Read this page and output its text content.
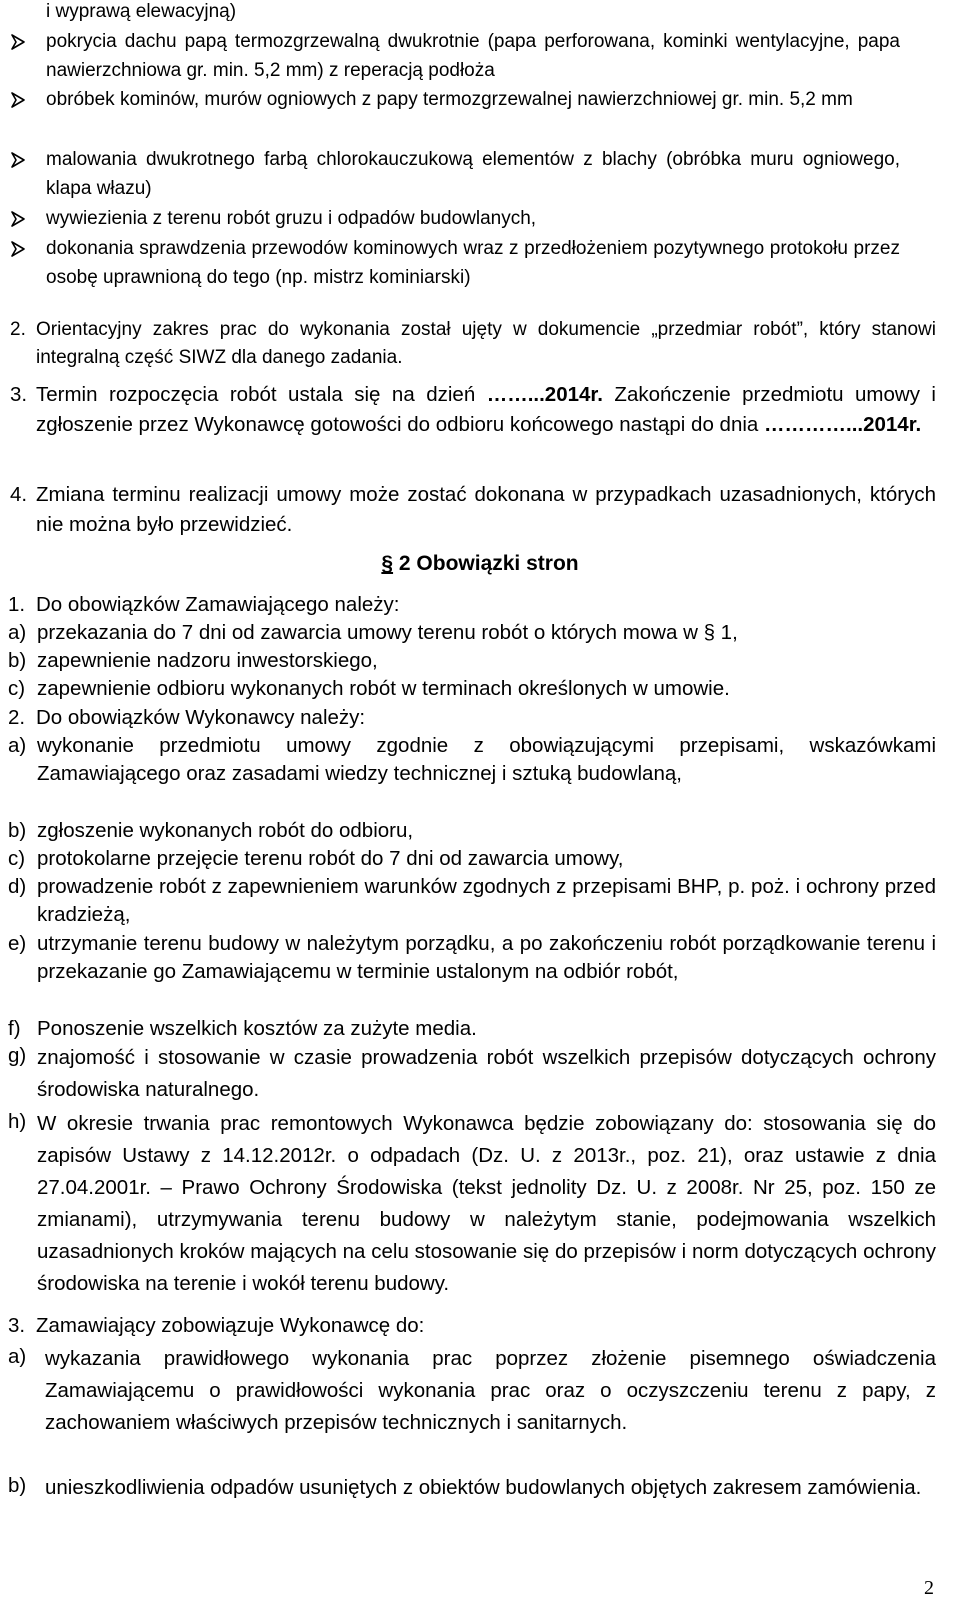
i wyprawą elewacyjną)
pokrycia dachu papą termozgrzewalną dwukrotnie (papa perforowana, kominki wentylacyjne, papa nawierzchniowa gr. min. 5,2 mm) z reperacją podłoża
obróbek kominów, murów ogniowych z papy termozgrzewalnej nawierzchniowej gr. min. 5,2 mm
malowania dwukrotnego farbą chlorokauczukową elementów z blachy (obróbka muru ogniowego, klapa włazu)
wywiezienia z terenu robót gruzu i odpadów budowlanych,
dokonania sprawdzenia przewodów kominowych wraz z przedłożeniem pozytywnego protokołu przez osobę uprawnioną do tego (np. mistrz kominiarski)
2. Orientacyjny zakres prac do wykonania został ujęty w dokumencie „przedmiar robót”, który stanowi integralną część SIWZ dla danego zadania.
3. Termin rozpoczęcia robót ustala się na dzień ……...2014r. Zakończenie przedmiotu umowy i zgłoszenie przez Wykonawcę gotowości do odbioru końcowego nastąpi do dnia …………...2014r.
4. Zmiana terminu realizacji umowy może zostać dokonana w przypadkach uzasadnionych, których nie można było przewidzieć.
§ 2 Obowiązki stron
1. Do obowiązków Zamawiającego należy:
a) przekazania do 7 dni od zawarcia umowy terenu robót o których mowa w § 1,
b) zapewnienie nadzoru inwestorskiego,
c) zapewnienie odbioru wykonanych robót w terminach określonych w umowie.
2. Do obowiązków Wykonawcy należy:
a) wykonanie przedmiotu umowy zgodnie z obowiązującymi przepisami, wskazówkami Zamawiającego oraz zasadami wiedzy technicznej i sztuką budowlaną,
b) zgłoszenie wykonanych robót do odbioru,
c) protokolarne przejęcie terenu robót do 7 dni od zawarcia umowy,
d) prowadzenie robót z zapewnieniem warunków zgodnych z przepisami BHP, p. poż. i ochrony przed kradzieżą,
e) utrzymanie terenu budowy w należytym porządku, a po zakończeniu robót porządkowanie terenu i przekazanie go Zamawiającemu w terminie ustalonym na odbiór robót,
f) Ponoszenie wszelkich kosztów za zużyte media.
g) znajomość i stosowanie w czasie prowadzenia robót wszelkich przepisów dotyczących ochrony środowiska naturalnego.
h) W okresie trwania prac remontowych Wykonawca będzie zobowiązany do: stosowania się do zapisów Ustawy z 14.12.2012r. o odpadach (Dz. U. z 2013r., poz. 21), oraz ustawie z dnia 27.04.2001r. – Prawo Ochrony Środowiska (tekst jednolity Dz. U. z 2008r. Nr 25, poz. 150 ze zmianami), utrzymywania terenu budowy w należytym stanie, podejmowania wszelkich uzasadnionych kroków mających na celu stosowanie się do przepisów i norm dotyczących ochrony środowiska na terenie i wokół terenu budowy.
3. Zamawiający zobowiązuje Wykonawcę do:
a) wykazania prawidłowego wykonania prac poprzez złożenie pisemnego oświadczenia Zamawiającemu o prawidłowości wykonania prac oraz o oczyszczeniu terenu z papy, z zachowaniem właściwych przepisów technicznych i sanitarnych.
b) unieszkodliwienia odpadów usuniętych z obiektów budowlanych objętych zakresem zamówienia.
2
